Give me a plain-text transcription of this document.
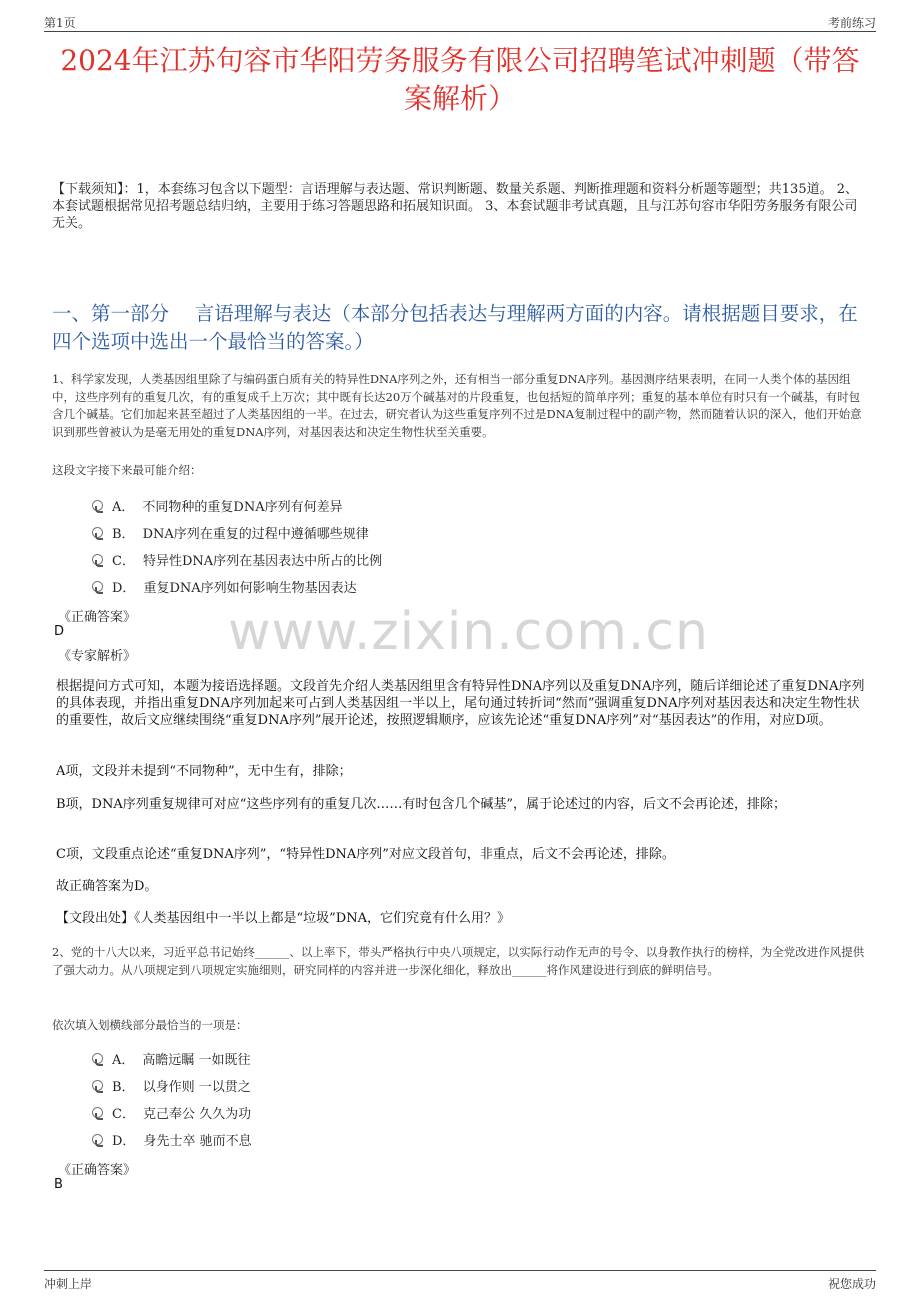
第1页	考前练习
2024年江苏句容市华阳劳务服务有限公司招聘笔试冲刺题（带答案解析）
【下载须知】：1，本套练习包含以下题型：言语理解与表达题、常识判断题、数量关系题、判断推理题和资料分析题等题型；共135道。 2、本套试题根据常见招考题总结归纳，主要用于练习答题思路和拓展知识面。 3、本套试题非考试真题，且与江苏句容市华阳劳务服务有限公司无关。
一、第一部分　 言语理解与表达（本部分包括表达与理解两方面的内容。请根据题目要求，在四个选项中选出一个最恰当的答案。）
1、科学家发现，人类基因组里除了与编码蛋白质有关的特异性DNA序列之外，还有相当一部分重复DNA序列。基因测序结果表明，在同一人类个体的基因组中，这些序列有的重复几次，有的重复成千上万次；其中既有长达20万个碱基对的片段重复，也包括短的简单序列；重复的基本单位有时只有一个碱基，有时包含几个碱基。它们加起来甚至超过了人类基因组的一半。在过去，研究者认为这些重复序列不过是DNA复制过程中的副产物，然而随着认识的深入，他们开始意识到那些曾被认为是毫无用处的重复DNA序列，对基因表达和决定生物性状至关重要。
这段文字接下来最可能介绍：
A． 不同物种的重复DNA序列有何差异
B． DNA序列在重复的过程中遵循哪些规律
C． 特异性DNA序列在基因表达中所占的比例
D． 重复DNA序列如何影响生物基因表达
《正确答案》
D
《专家解析》 www.zixin.com.cn
根据提问方式可知，本题为接语选择题。文段首先介绍人类基因组里含有特异性DNA序列以及重复DNA序列，随后详细论述了重复DNA序列的具体表现，并指出重复DNA序列加起来可占到人类基因组一半以上，尾句通过转折词“然而”强调重复DNA序列对基因表达和决定生物性状的重要性，故后文应继续围绕“重复DNA序列”展开论述，按照逻辑顺序，应该先论述“重复DNA序列”对“基因表达”的作用，对应D项。
A项，文段并未提到“不同物种”，无中生有，排除；
B项，DNA序列重复规律可对应“这些序列有的重复几次……有时包含几个碱基”，属于论述过的内容，后文不会再论述，排除；
C项，文段重点论述“重复DNA序列”，“特异性DNA序列”对应文段首句，非重点，后文不会再论述，排除。
故正确答案为D。
【文段出处】《人类基因组中一半以上都是“垃圾”DNA，它们究竟有什么用？》
2、党的十八大以来，习近平总书记始终______、以上率下，带头严格执行中央八项规定，以实际行动作无声的号令、以身教作执行的榜样，为全党改进作风提供了强大动力。从八项规定到八项规定实施细则，研究同样的内容并进一步深化细化，释放出______将作风建设进行到底的鲜明信号。
依次填入划横线部分最恰当的一项是：
A． 高瞻远瞩 一如既往
B． 以身作则 一以贯之
C． 克己奉公 久久为功
D． 身先士卒 驰而不息
《正确答案》
B
冲刺上岸	祝您成功
